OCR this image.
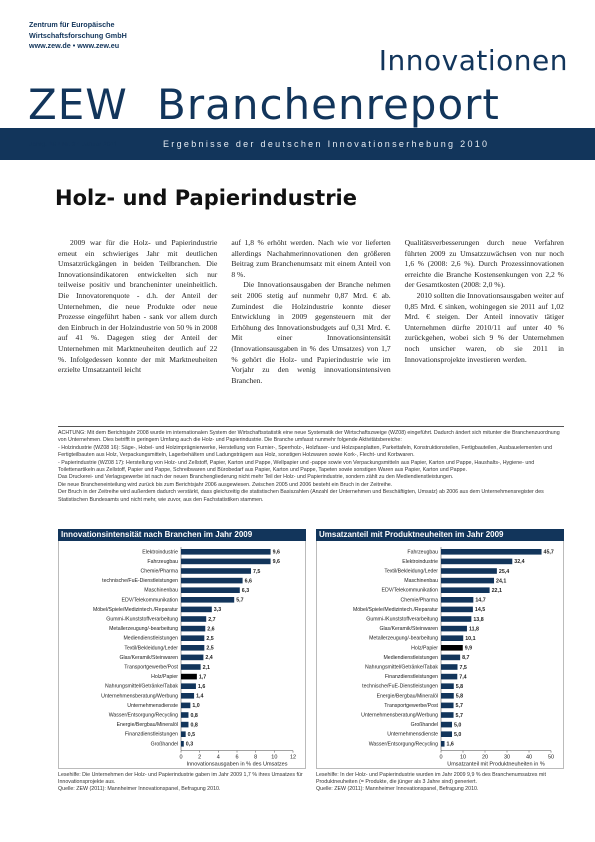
Zentrum für Europäische
Wirtschaftsforschung GmbH
www.zew.de • www.zew.eu	Innovationen
ZEW Branchenreport
Jahrg. 18 • Nr. 3 • Januar 2011	Ergebnisse der deutschen Innovationserhebung 2010
Holz- und Papierindustrie

2009 war für die Holz- und Papierindustrie erneut ein schwieriges Jahr mit deutlichen Umsatzrückgängen in beiden Teilbranchen. Die Innovationsindikatoren entwickelten sich nur teilweise positiv und brancheninter uneinheitlich. Die Innovatorenquote - d.h. der Anteil der Unternehmen, die neue Produkte oder neue Prozesse eingeführt haben - sank vor allem durch den Einbruch in der Holzindustrie von 50 % in 2008 auf 41 %. Dagegen stieg der Anteil der Unternehmen mit Marktneuheiten deutlich auf 22 %. Infolgedessen konnte der mit Marktneuheiten erzielte Umsatzanteil leicht

auf 1,8 % erhöht werden. Nach wie vor lieferten allerdings Nachahmerinnovationen den größeren Beitrag zum Branchenumsatz mit einem Anteil von 8 %.

Die Innovationsausgaben der Branche nehmen seit 2006 stetig auf nunmehr 0,87 Mrd. € ab. Zumindest die Holzindustrie konnte dieser Entwicklung in 2009 gegensteuern mit der Erhöhung des Innovationsbudgets auf 0,31 Mrd. €. Mit einer Innovationsintensität (Innovationsausgaben in % des Umsatzes) von 1,7 % gehört die Holz- und Papierindustrie wie im Vorjahr zu den wenig innovationsintensiven Branchen.

Qualitätsverbesserungen durch neue Verfahren führten 2009 zu Umsatzzuwächsen von nur noch 1,6 % (2008: 2,6 %). Durch Prozessinnovationen erreichte die Branche Kostensenkungen von 2,2 % der Gesamtkosten (2008: 2,0 %).

2010 sollten die Innovationsausgaben weiter auf 0,85 Mrd. € sinken, wohingegen sie 2011 auf 1,02 Mrd. € steigen. Der Anteil innovativ tätiger Unternehmen dürfte 2010/11 auf unter 40 % zurückgehen, wobei sich 9 % der Unternehmen noch unsicher waren, ob sie 2011 in Innovationsprojekte investieren werden.

ACHTUNG: Mit dem Berichtsjahr 2008 wurde im internationalen System der Wirtschaftsstatistik eine neue Systematik der Wirtschaftszweige (WZ08) eingeführt. Dadurch ändert sich mitunter die Branchenzuordnung von Unternehmen. Dies betrifft in geringem Umfang auch die Holz- und Papierindustrie. Die Branche umfasst nunmehr folgende Aktivitätsbereiche:
- Holzindustrie (WZ08 16): Säge-, Hobel- und Holzimprägnierwerke, Herstellung von Furnier-, Sperrholz-, Holzfaser- und Holzspanplatten, Parkettafeln, Konstruktionsteilen, Fertigbauteilen, Ausbauelementen und Fertigteilbauten aus Holz, Verpackungsmitteln, Lagerbehältern und Ladungsträgern aus Holz, sonstigen Holzwaren sowie Kork-, Flecht- und Korbwaren.
- Papierindustrie (WZ08 17): Herstellung von Holz- und Zellstoff, Papier, Karton und Pappe, Wellpapier und -pappe sowie von Verpackungsmitteln aus Papier, Karton und Pappe, Haushalts-, Hygiene- und Toilettenartikeln aus Zellstoff, Papier und Pappe, Schreibwaren und Bürobedarf aus Papier, Karton und Pappe, Tapeten sowie sonstigen Waren aus Papier, Karton und Pappe.
Das Druckerei- und Verlagsgewerbe ist nach der neuen Branchengliederung nicht mehr Teil der Holz- und Papierindustrie, sondern zählt zu den Mediendienstleistungen.
Die neue Brancheneinteilung wird zurück bis zum Berichtsjahr 2006 ausgewiesen. Zwischen 2005 und 2006 besteht ein Bruch in der Zeitreihe.
Der Bruch in der Zeitreihe wird außerdem dadurch verstärkt, dass gleichzeitig die statistischen Basiszahlen (Anzahl der Unternehmen und Beschäftigten, Umsatz) ab 2006 aus dem Unternehmensregister des Statistischen Bundesamts und nicht mehr, wie zuvor, aus den Fachstatistiken stammen.
Innovationsintensität nach Branchen im Jahr 2009
0	2	4	6	8	10 12
Innovationsausgaben in % des Umsatzes
Elektroindustrie	9,6
Fahrzeugbau	9,6
Chemie/Pharma	7,5
technische/FuE-Dienstleistungen	6,6
Maschinenbau	6,3
EDV/Telekommunikation	5,7
Möbel/Spiele/Medizintech./Reparatur	3,3
Gummi-/Kunststoffverarbeitung	2,7
Metallerzeugung/-bearbeitung	2,6
Mediendienstleistungen	2,5
Textil/Bekleidung/Leder	2,5
Glas/Keramik/Steinwaren	2,4
Transportgewerbe/Post	2,1
Holz/Papier	1,7
Nahrungsmittel/Getränke/Tabak	1,6
Unternehmensberatung/Werbung	1,4
Unternehmensdienste	1,0
Wasser/Entsorgung/Recycling 0,8
Energie/Bergbau/Mineralöl 0,8
Finanzdienstleistungen 0,5
Großhandel 0,3
Umsatzanteil mit Produktneuheiten im Jahr 2009
0	10	20	30	40	50
Umsatzanteil mit Produktneuheiten in %
Fahrzeugbau	45,7
Elektroindustrie	32,4
Textil/Bekleidung/Leder	25,4
Maschinenbau	24,1
EDV/Telekommunikation	22,1
Chemie/Pharma	14,7
Möbel/Spiele/Medizintech./Reparatur	14,5
Gummi-/Kunststoffverarbeitung	13,8
Glas/Keramik/Steinwaren	11,8
Metallerzeugung/-bearbeitung	10,1
Holz/Papier	9,9
Mediendienstleistungen	8,7
Nahrungsmittel/Getränke/Tabak	7,5
Finanzdienstleistungen	7,4
technische/FuE-Dienstleistungen	5,8
Energie/Bergbau/Mineralöl	5,8
Transportgewerbe/Post	5,7
Unternehmensberatung/Werbung	5,7
Großhandel	5,0
Unternehmensdienste	5,0
Wasser/Entsorgung/Recycling 1,6
Lesehilfe: Die Unternehmen der Holz- und Papierindustrie gaben im Jahr 2009 1,7 % ihres Umsatzes für Innovationsprojekte aus.
Quelle: ZEW (2011): Mannheimer Innovationspanel, Befragung 2010.
Lesehilfe: In der Holz- und Papierindustrie wurden im Jahr 2009 9,9 % des Branchenumsatzes mit Produktneuheiten (= Produkte, die jünger als 3 Jahre sind) generiert.
Quelle: ZEW (2011): Mannheimer Innovationspanel, Befragung 2010.
